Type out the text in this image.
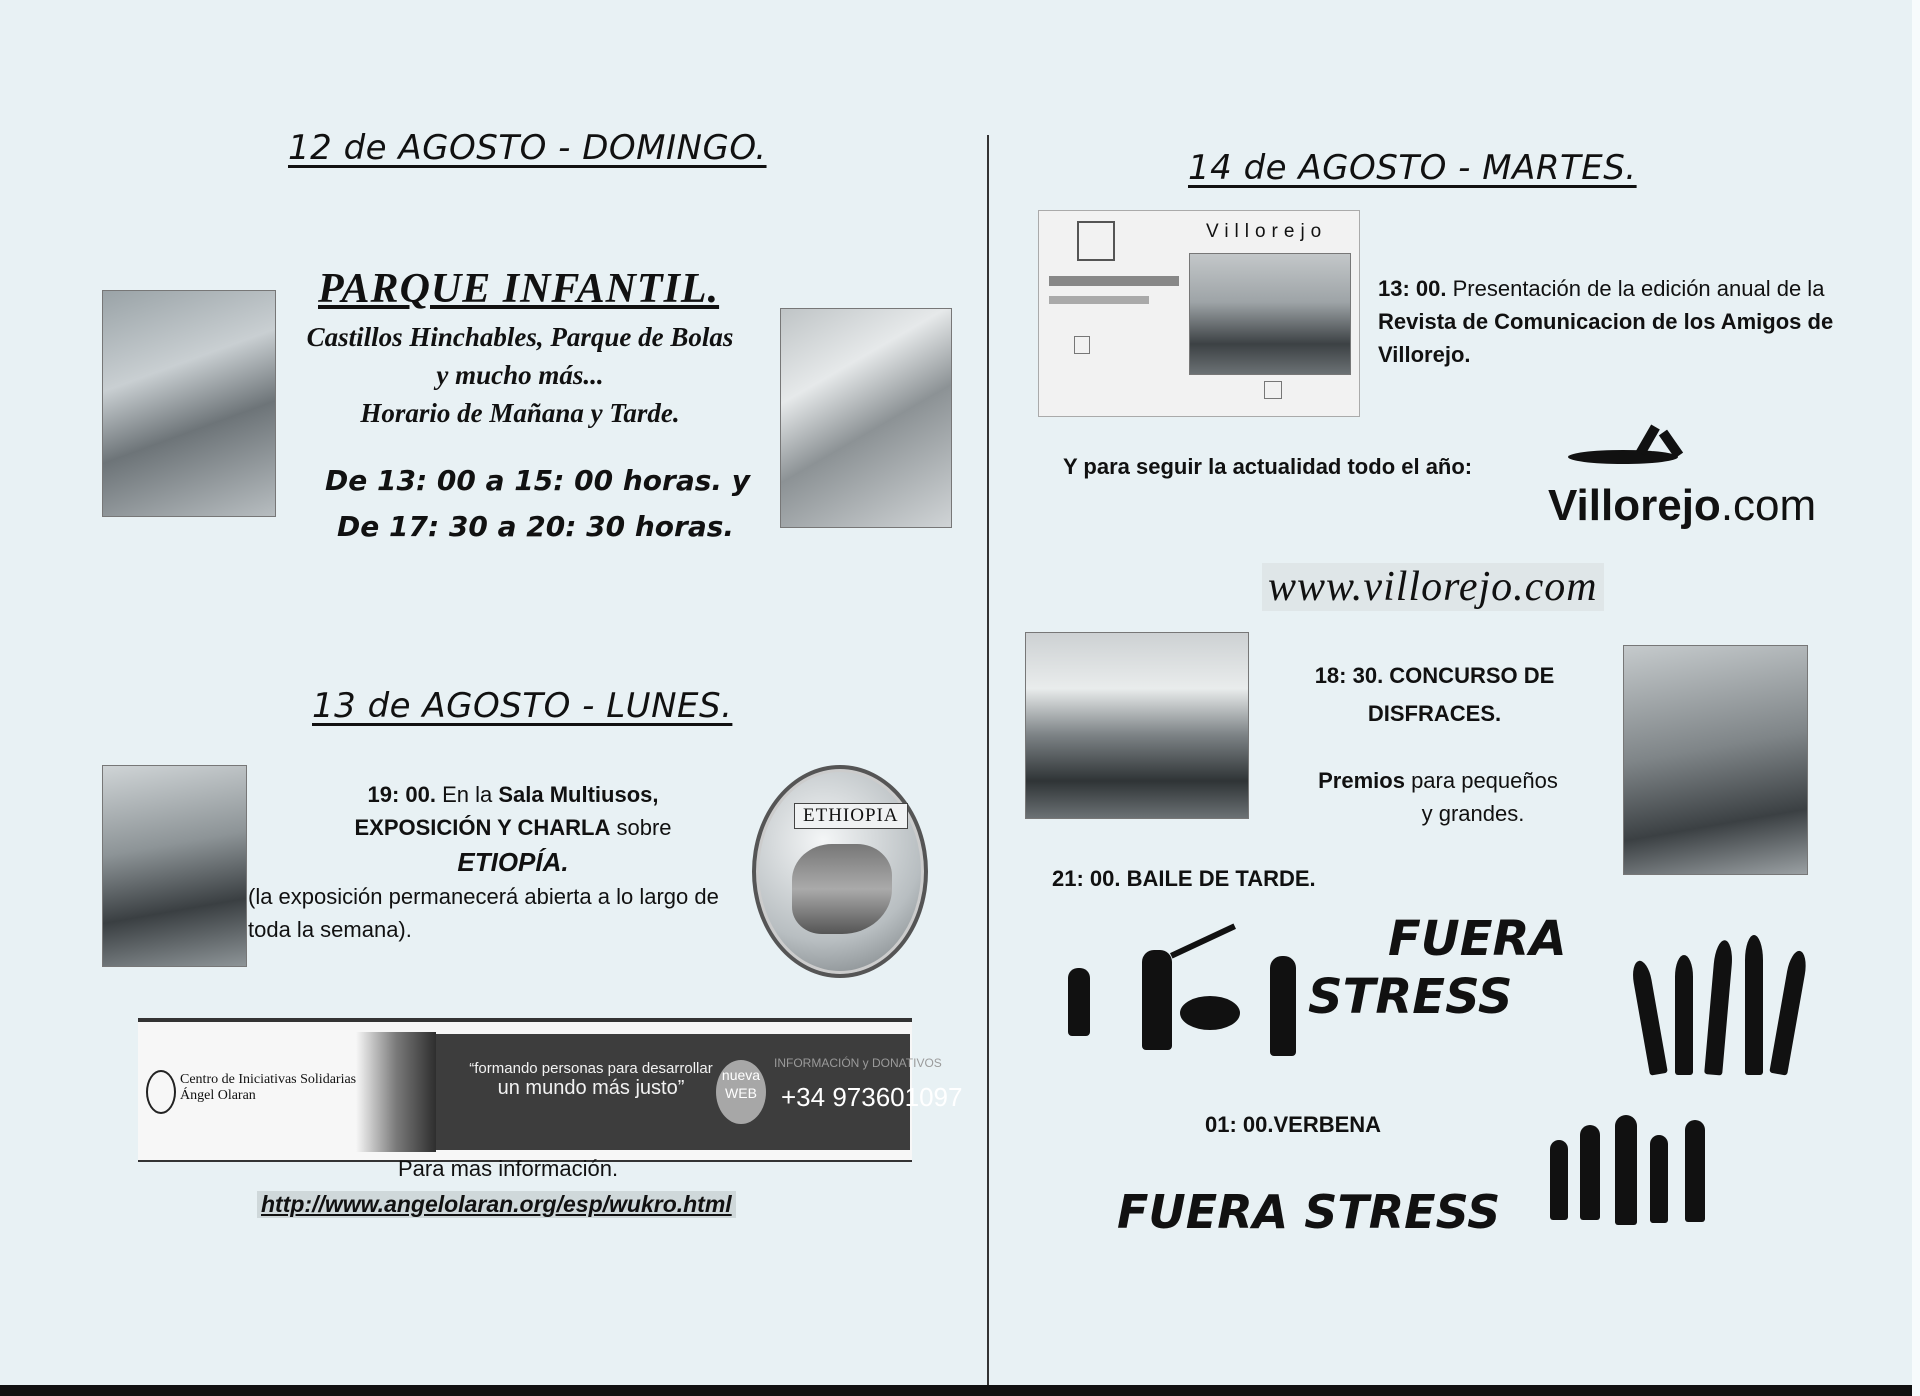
12 de AGOSTO - DOMINGO.
PARQUE INFANTIL.
Castillos Hinchables, Parque de Bolas
y mucho más...
Horario de Mañana y Tarde.
De 13: 00 a 15: 00 horas. y
De 17: 30 a 20: 30 horas.
13 de AGOSTO - LUNES.
19: 00. En la Sala Multiusos,
EXPOSICIÓN Y CHARLA sobre
ETIOPÍA.
(la exposición permanecerá abierta a lo largo de toda la semana).
ETHIOPIA
Centro de Iniciativas Solidarias
Ángel Olaran
“formando personas para desarrollar
un mundo más justo”
nueva
WEB
INFORMACIÓN y DONATIVOS
+34 973601097
Para mas información.
http://www.angelolaran.org/esp/wukro.html
14 de AGOSTO - MARTES.
Villorejo
13: 00. Presentación de la edición anual de la Revista de Comunicacion de los Amigos de Villorejo.
Y para seguir la actualidad todo el año:
Villorejo.com
www.villorejo.com
18: 30. CONCURSO DE
DISFRACES.
Premios para pequeños
y grandes.
21: 00. BAILE DE TARDE.
FUERA
STRESS
01: 00.VERBENA
FUERA STRESS
